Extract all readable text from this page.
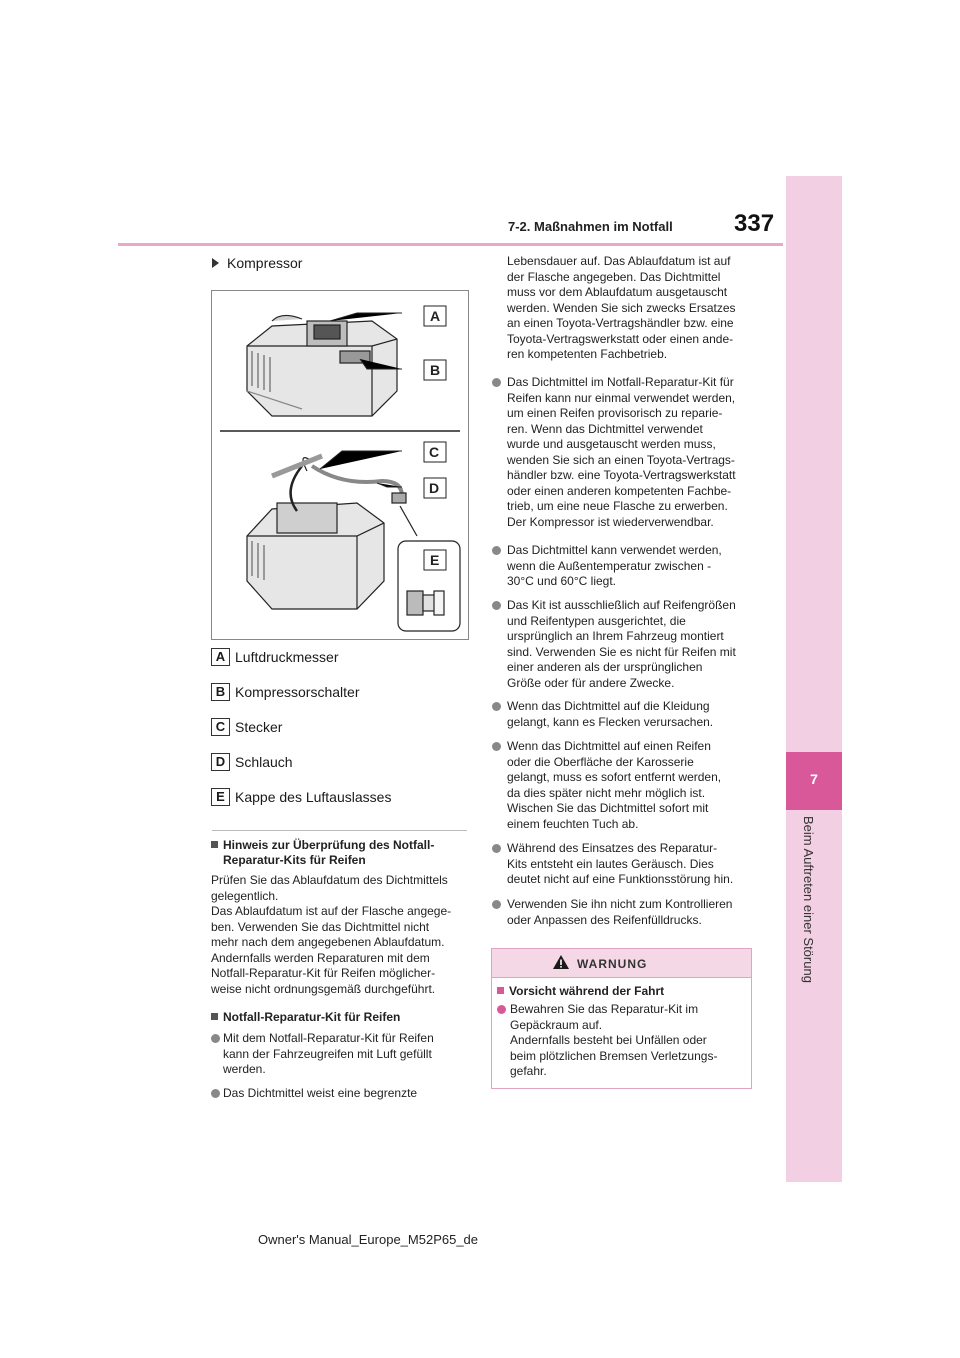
7-2. Maßnahmen im Notfall	337
7
Beim Auftreten einer Störung
Kompressor
A
B
C
D
E
A Luftdruckmesser
B Kompressorschalter
C Stecker
D Schlauch
E Kappe des Luftauslasses
Hinweis zur Überprüfung des Notfall-
Reparatur-Kits für Reifen
Prüfen Sie das Ablaufdatum des Dichtmittels
gelegentlich.
Das Ablaufdatum ist auf der Flasche angege-
ben. Verwenden Sie das Dichtmittel nicht
mehr nach dem angegebenen Ablaufdatum.
Andernfalls werden Reparaturen mit dem
Notfall-Reparatur-Kit für Reifen möglicher-
weise nicht ordnungsgemäß durchgeführt.
Notfall-Reparatur-Kit für Reifen
Mit dem Notfall-Reparatur-Kit für Reifen
kann der Fahrzeugreifen mit Luft gefüllt
werden.
Das Dichtmittel weist eine begrenzte
Lebensdauer auf. Das Ablaufdatum ist auf
der Flasche angegeben. Das Dichtmittel
muss vor dem Ablaufdatum ausgetauscht
werden. Wenden Sie sich zwecks Ersatzes
an einen Toyota-Vertragshändler bzw. eine
Toyota-Vertragswerkstatt oder einen ande-
ren kompetenten Fachbetrieb.
Das Dichtmittel im Notfall-Reparatur-Kit für
Reifen kann nur einmal verwendet werden,
um einen Reifen provisorisch zu reparie-
ren. Wenn das Dichtmittel verwendet
wurde und ausgetauscht werden muss,
wenden Sie sich an einen Toyota-Vertrags-
händler bzw. eine Toyota-Vertragswerkstatt
oder einen anderen kompetenten Fachbe-
trieb, um eine neue Flasche zu erwerben.
Der Kompressor ist wiederverwendbar.
Das Dichtmittel kann verwendet werden,
wenn die Außentemperatur zwischen -
30°C und 60°C liegt.
Das Kit ist ausschließlich auf Reifengrößen
und Reifentypen ausgerichtet, die
ursprünglich an Ihrem Fahrzeug montiert
sind. Verwenden Sie es nicht für Reifen mit
einer anderen als der ursprünglichen
Größe oder für andere Zwecke.
Wenn das Dichtmittel auf die Kleidung
gelangt, kann es Flecken verursachen.
Wenn das Dichtmittel auf einen Reifen
oder die Oberfläche der Karosserie
gelangt, muss es sofort entfernt werden,
da dies später nicht mehr möglich ist.
Wischen Sie das Dichtmittel sofort mit
einem feuchten Tuch ab.
Während des Einsatzes des Reparatur-
Kits entsteht ein lautes Geräusch. Dies
deutet nicht auf eine Funktionsstörung hin.
Verwenden Sie ihn nicht zum Kontrollieren
oder Anpassen des Reifenfülldrucks.
WARNUNG
Vorsicht während der Fahrt
Bewahren Sie das Reparatur-Kit im
Gepäckraum auf.
Andernfalls besteht bei Unfällen oder
beim plötzlichen Bremsen Verletzungs-
gefahr.
Owner's Manual_Europe_M52P65_de
